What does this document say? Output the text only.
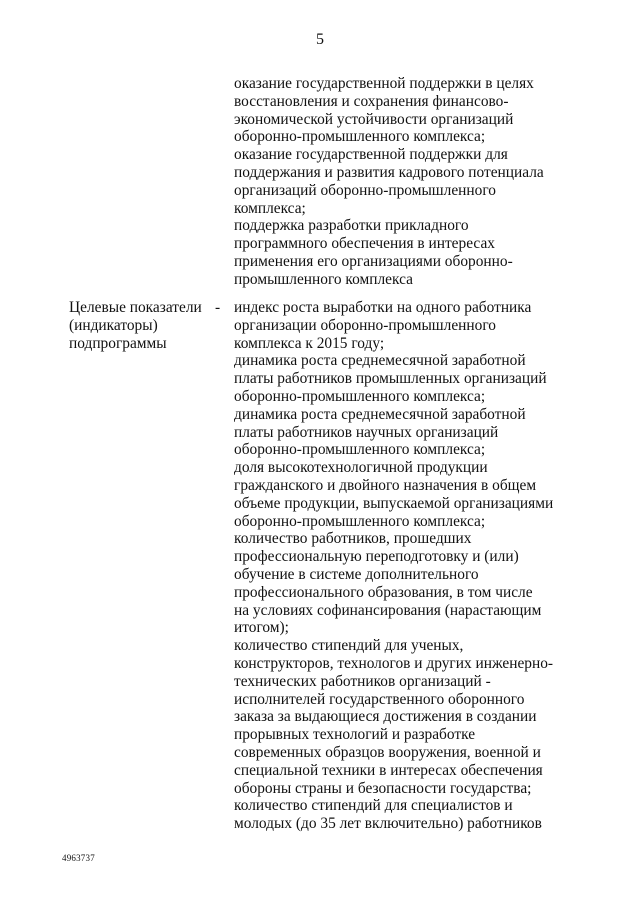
5
оказание государственной поддержки в целях
восстановления и сохранения финансово-
экономической устойчивости организаций
оборонно-промышленного комплекса;
оказание государственной поддержки для
поддержания и развития кадрового потенциала
организаций оборонно-промышленного
комплекса;
поддержка разработки прикладного
программного обеспечения в интересах
применения его организациями оборонно-
промышленного комплекса
Целевые показатели
(индикаторы)
подпрограммы
- индекс роста выработки на одного работника
организации оборонно-промышленного
комплекса к 2015 году;
динамика роста среднемесячной заработной
платы работников промышленных организаций
оборонно-промышленного комплекса;
динамика роста среднемесячной заработной
платы работников научных организаций
оборонно-промышленного комплекса;
доля высокотехнологичной продукции
гражданского и двойного назначения в общем
объеме продукции, выпускаемой организациями
оборонно-промышленного комплекса;
количество работников, прошедших
профессиональную переподготовку и (или)
обучение в системе дополнительного
профессионального образования, в том числе
на условиях софинансирования (нарастающим
итогом);
количество стипендий для ученых,
конструкторов, технологов и других инженерно-
технических работников организаций -
исполнителей государственного оборонного
заказа за выдающиеся достижения в создании
прорывных технологий и разработке
современных образцов вооружения, военной и
специальной техники в интересах обеспечения
обороны страны и безопасности государства;
количество стипендий для специалистов и
молодых (до 35 лет включительно) работников
4963737
